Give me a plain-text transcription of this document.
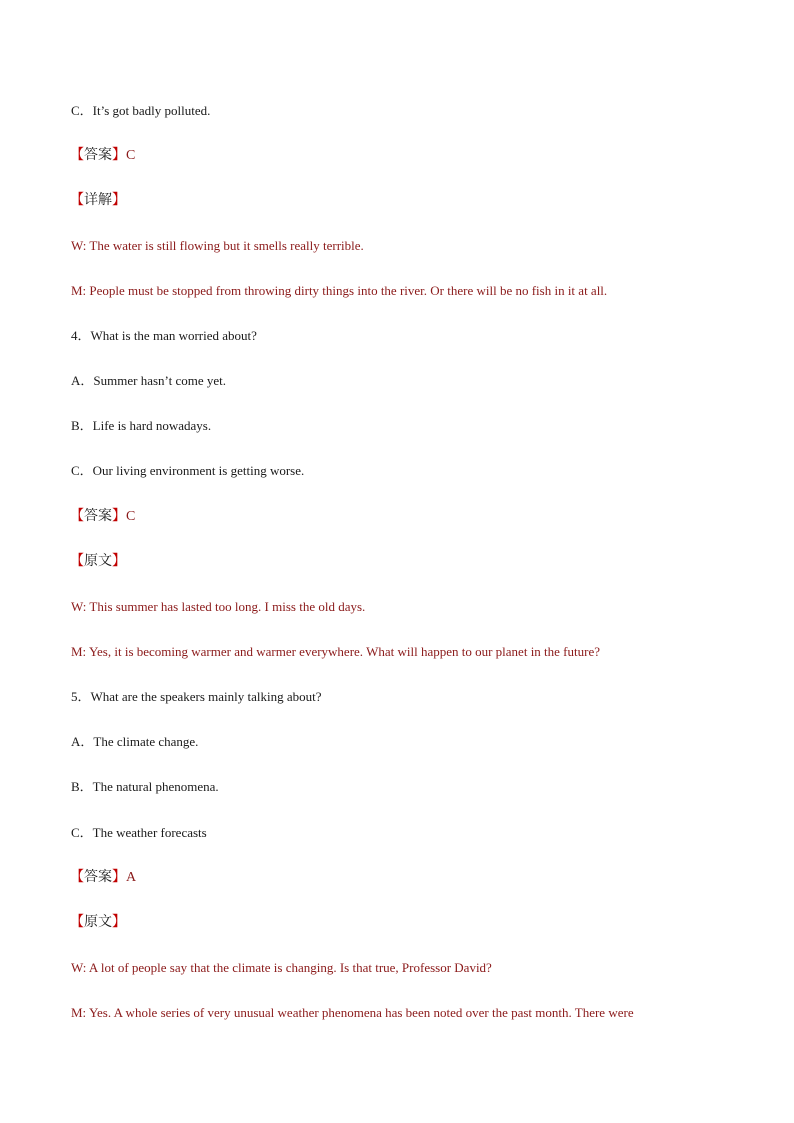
C．It’s got badly polluted.
【答案】C
【详解】
W: The water is still flowing but it smells really terrible.
M: People must be stopped from throwing dirty things into the river. Or there will be no fish in it at all.
4．What is the man worried about?
A．Summer hasn’t come yet.
B．Life is hard nowadays.
C．Our living environment is getting worse.
【答案】C
【原文】
W: This summer has lasted too long. I miss the old days.
M: Yes, it is becoming warmer and warmer everywhere. What will happen to our planet in the future?
5．What are the speakers mainly talking about?
A．The climate change.
B．The natural phenomena.
C．The weather forecasts
【答案】A
【原文】
W: A lot of people say that the climate is changing. Is that true, Professor David?
M: Yes. A whole series of very unusual weather phenomena has been noted over the past month. There were
